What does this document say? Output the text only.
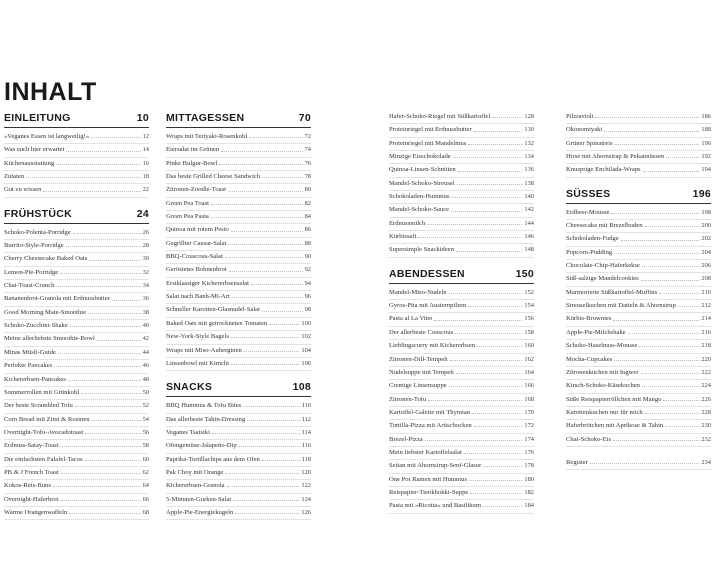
INHALT
EINLEITUNG	10
»Veganes Essen ist langweilig!«	12
Was euch hier erwartet	14
Küchenausstattung	16
Zutaten	18
Gut zu wissen	22
FRÜHSTÜCK	24
Schoko-Polenta-Porridge	26
Burrito-Style-Porridge	28
Cherry Cheesecake Baked Oats	30
Lemon-Pie-Porridge	32
Chai-Toast-Crunch	34
Bananenbrot-Granola mit Erdnussbutter	36
Good Morning Mate-Smoothie	38
Schoko-Zucchini-Shake	40
Meine allerliebste Smoothie-Bowl	42
Minas Müsli-Guide	44
Perfekte Pancakes	46
Kichererbsen-Pancakes	48
Sommerrollen mit Grünkohl	50
Der beste Scrambled Tofu	52
Corn Bread mit Zimt & Rosinen	54
Overnight-Tofu-Avocadotoast	56
Erdnuss-Satay-Toast	58
Die einfachsten Falafel-Tacos	60
PB & J French Toast	62
Kokos-Reis-Buns	64
Overnight-Haferbrot	66
Warme Orangenwaffeln	68
MITTAGESSEN	70
Wraps mit Teriyaki-Rosenkohl	72
Eiersalat im Grünen	74
Pinke Bulgur-Bowl	76
Das beste Grilled Cheese Sandwich	78
Zitronen-Zoodle-Toast	80
Green Pea Toast	82
Green Pea Pasta	84
Quinoa mit rotem Pesto	86
Gegrillter Caesar-Salat	88
BBQ-Couscous-Salat	90
Geröstetes Bohnenbrot	92
Erstklassiger Kichererbsensalat	94
Salat nach Banh-Mi-Art	96
Schneller Karotten-Glasnudel-Salat	98
Baked Oats mit getrockneten Tomaten	100
New-York-Style Bagels	102
Wraps mit Miso-Auberginen	104
Linsenbowl mit Kimchi	106
SNACKS	108
BBQ Hummus & Tofu Bites	110
Das allerbeste Tahin-Dressing	112
Veganes Tsatsiki	114
Ofengemüse-Jalapeño-Dip	116
Paprika-Tortillachips aus dem Ofen	118
Pak Choy mit Orange	120
Kichererbsen-Granola	122
5-Minuten-Gurken-Salat	124
Apple-Pie-Energiekugeln	126
Hafer-Schoko-Riegel mit Süßkartoffel	128
Proteinriegel mit Erdnussbutter	130
Proteinriegel mit Mandelmus	132
Minzige Eisschokolade	134
Quinoa-Linsen-Schnitten	136
Mandel-Schoko-Streusel	138
Schokoladen-Hummus	140
Mandel-Schoko-Sauce	142
Erdnussmilch	144
Kürbissaft	146
Supersimple Snackideen	148
ABENDESSEN	150
Mandel-Miso-Nudeln	152
Gyros-Pita mit Austernpilzen	154
Pasta al La Vino	156
Der allerbeste Couscous	158
Lieblingscurry mit Kichererbsen	160
Zitronen-Dill-Tempeh	162
Nudelsuppe mit Tempeh	164
Cremige Linsensuppe	166
Zitronen-Tofu	168
Kartoffel-Galette mit Thymian	170
Tortilla-Pizza mit Artischocken	172
Brezel-Pizza	174
Mein liebster Kartoffelsalat	176
Seitan mit Ahornsirup-Senf-Glasur	178
One Pot Ramen mit Hummus	180
Reispapier-Tteokbokki-Suppe	182
Pasta mit »Ricotta« und Basilikum	184
Pilzravioli	186
Okonomiyaki	188
Grüner Spinatreis	190
Hirse mit Ahornsirap & Pekannüssen	192
Knusprige Enchilada-Wraps	194
SÜSSES	196
Erdbeer-Mousse	198
Cheesecake mit Brezelboden	200
Schokoladen-Fudge	202
Popcorn-Pudding	204
Chocolate-Chip-Haferkekse	206
Süß-salzige Mandelcookies	208
Marmorierte Süßkartoffel-Muffins	210
Streuselkuchen mit Datteln & Ahornsirup	212
Kürbis-Brownies	214
Apple-Pie-Milchshake	216
Schoko-Haselnuss-Mousse	218
Mocha-Cupcakes	220
Zitronenkuchen mit Ingwer	222
Kirsch-Schoko-Käsekuchen	224
Süße Reispapierröllchen mit Mango	226
Karottenkuchen nur für mich	228
Haferbrötchen mit Aprikose & Tahin	230
Chai-Schoko-Eis	232
Register	234
